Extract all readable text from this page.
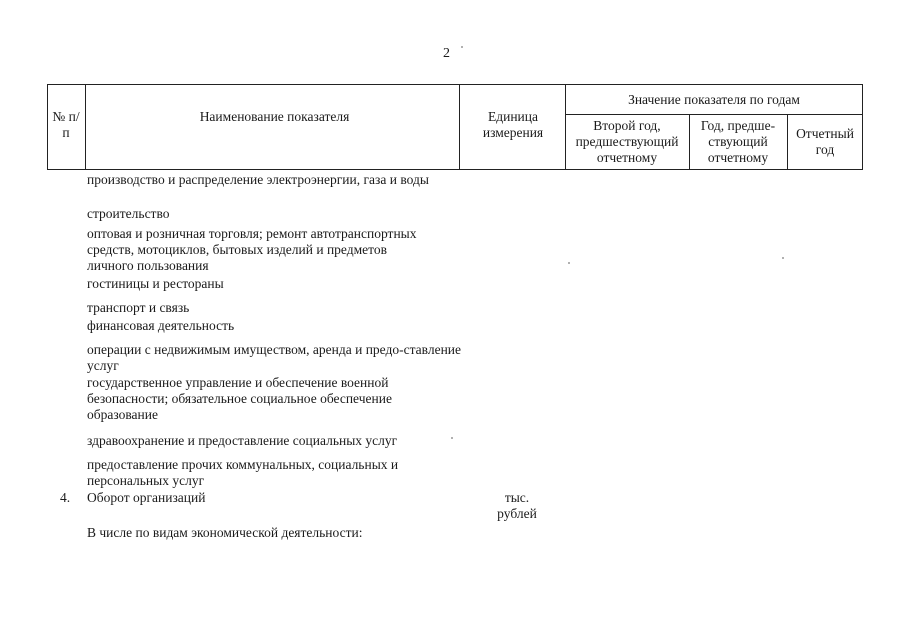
2
№ п/п
Наименование показателя	Единица измерения
Значение показателя по годам
Второй год, предшествующий отчетному
Год, предше-ствующий отчетному
Отчетный год
производство и распределение электроэнергии, газа и воды
строительство
оптовая и розничная торговля; ремонт автотранспортных средств, мотоциклов, бытовых изделий и предметов личного пользования
гостиницы и рестораны
транспорт и связь
финансовая деятельность
операции с недвижимым имуществом, аренда и предо-ставление услуг
государственное управление и обеспечение военной безопасности; обязательное социальное обеспечение образование
здравоохранение и предоставление социальных услуг
предоставление прочих коммунальных, социальных и персональных услуг
4. Оборот организаций	тыс. рублей
В числе по видам экономической деятельности:
